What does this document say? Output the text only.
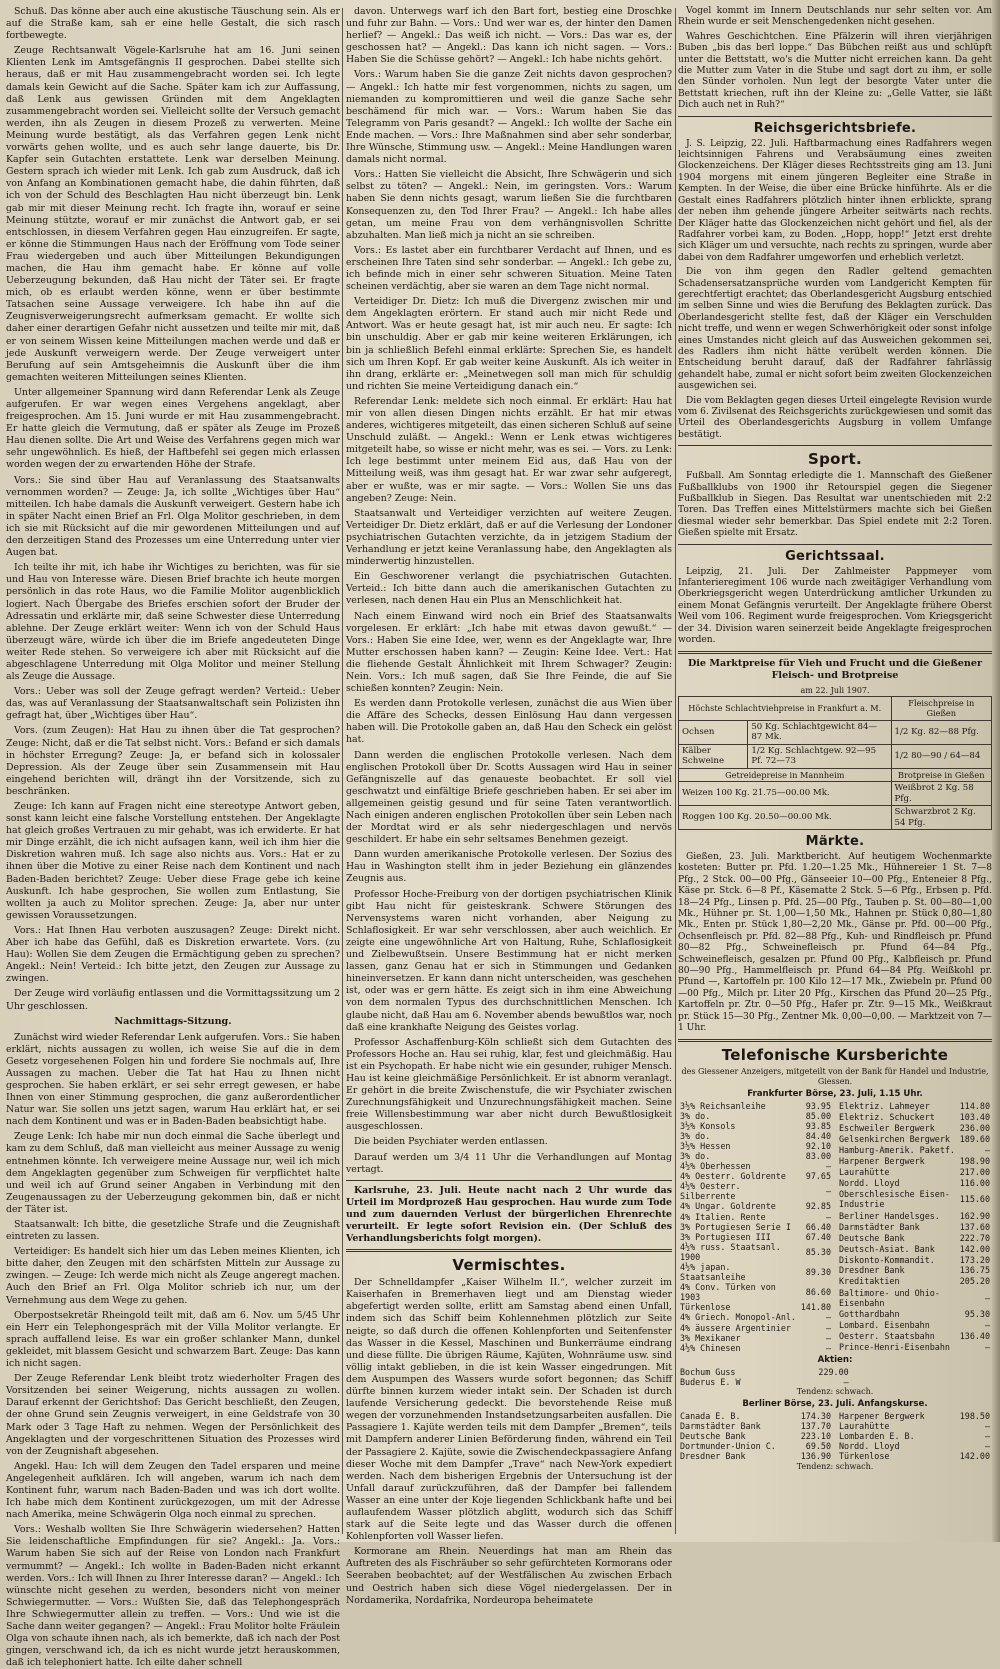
Schuß. Das könne aber auch eine akustische Täuschung sein. Als er auf die Straße kam, sah er eine helle Gestalt, die sich rasch fortbewegte.

Zeuge Rechtsanwalt Vögele-Karlsruhe hat am 16. Juni seinen Klienten Lenk im Amtsgefängnis II gesprochen. Dabei stellte sich heraus, daß er mit Hau zusammengebracht worden sei. Ich legte damals kein Gewicht auf die Sache. Später kam ich zur Auffassung, daß Lenk aus gewissen Gründen mit dem Angeklagten zusammengebracht worden sei. Vielleicht sollte der Versuch gemacht werden, ihn als Zeugen in diesem Prozeß zu verwerten. Meine Meinung wurde bestätigt, als das Verfahren gegen Lenk nicht vorwärts gehen wollte, und es auch sehr lange dauerte, bis Dr. Kapfer sein Gutachten erstattete. Lenk war derselben Meinung. Gestern sprach ich wieder mit Lenk. Ich gab zum Ausdruck, daß ich von Anfang an Kombinationen gemacht habe, die dahin führten, daß ich von der Schuld des Beschlagten Hau nicht überzeugt bin. Lenk gab mir mit dieser Meinung recht. Ich fragte ihn, worauf er seine Meinung stützte, worauf er mir zunächst die Antwort gab, er sei entschlossen, in diesem Verfahren gegen Hau einzugreifen. Er sagte, er könne die Stimmungen Haus nach der Eröffnung vom Tode seiner Frau wiedergeben und auch über Mitteilungen Bekundigungen machen, die Hau ihm gemacht habe. Er könne auf volle Ueberzeugung bekunden, daß Hau nicht der Täter sei. Er fragte mich, ob es erlaubt werden könne, wenn er über bestimmte Tatsachen seine Aussage verweigere. Ich habe ihn auf die Zeugnisverweigerungsrecht aufmerksam gemacht. Er wollte sich daher einer derartigen Gefahr nicht aussetzen und teilte mir mit, daß er von seinem Wissen keine Mitteilungen machen werde und daß er jede Auskunft verweigern werde. Der Zeuge verweigert unter Berufung auf sein Amtsgeheimnis die Auskunft über die ihm gemachten weiteren Mitteilungen seines Klienten.

Unter allgemeiner Spannung wird dann Referendar Lenk als Zeuge aufgerufen. Er war wegen eines Vergehens angeklagt, aber freigesprochen. Am 15. Juni wurde er mit Hau zusammengebracht. Er hatte gleich die Vermutung, daß er später als Zeuge im Prozeß Hau dienen sollte. Die Art und Weise des Verfahrens gegen mich war sehr ungewöhnlich. Es hieß, der Haftbefehl sei gegen mich erlassen worden wegen der zu erwartenden Höhe der Strafe.

Vors.: Sie sind über Hau auf Veranlassung des Staatsanwalts vernommen worden? — Zeuge: Ja, ich sollte „Wichtiges über Hau“ mitteilen. Ich habe damals die Auskunft verweigert. Gestern habe ich in später Nacht einen Brief an Frl. Olga Molitor geschrieben, in dem ich sie mit Rücksicht auf die mir gewordenen Mitteilungen und auf den derzeitigen Stand des Prozesses um eine Unterredung unter vier Augen bat.

Ich teilte ihr mit, ich habe ihr Wichtiges zu berichten, was für sie und Hau von Interesse wäre. Diesen Brief brachte ich heute morgen persönlich in das rote Haus, wo die Familie Molitor augenblicklich logiert. Nach Übergabe des Briefes erschien sofort der Bruder der Adressatin und erklärte mir, daß seine Schwester diese Unterredung ablehne. Der Zeuge erklärt weiter: Wenn ich von der Schuld Haus überzeugt wäre, würde ich über die im Briefe angedeuteten Dinge weiter Rede stehen. So verweigere ich aber mit Rücksicht auf die abgeschlagene Unterredung mit Olga Molitor und meiner Stellung als Zeuge die Aussage.

Vors.: Ueber was soll der Zeuge gefragt werden? Verteid.: Ueber das, was auf Veranlassung der Staatsanwaltschaft sein Polizisten ihn gefragt hat, über „Wichtiges über Hau“.

Vors. (zum Zeugen): Hat Hau zu ihnen über die Tat gesprochen? Zeuge: Nicht, daß er die Tat selbst nicht. Vors.: Befand er sich damals in höchster Erregung? Zeuge: Ja, er befand sich in kolossaler Depression. Als der Zeuge über sein Zusammensein mit Hau eingehend berichten will, drängt ihn der Vorsitzende, sich zu beschränken.

Zeuge: Ich kann auf Fragen nicht eine stereotype Antwort geben, sonst kann leicht eine falsche Vorstellung entstehen. Der Angeklagte hat gleich großes Vertrauen zu mir gehabt, was ich erwiderte. Er hat mir Dinge erzählt, die ich nicht aufsagen kann, weil ich ihm hier die Diskretion wahren muß. Ich sage also nichts aus. Vors.: Hat er zu ihnen über die Motive zu einer Reise nach dem Kontinent und nach Baden-Baden berichtet? Zeuge: Ueber diese Frage gebe ich keine Auskunft. Ich habe gesprochen, Sie wollen zum Entlastung, Sie wollten ja auch zu Molitor sprechen. Zeuge: Ja, aber nur unter gewissen Voraussetzungen.

Vors.: Hat Ihnen Hau verboten auszusagen? Zeuge: Direkt nicht. Aber ich habe das Gefühl, daß es Diskretion erwartete. Vors. (zu Hau): Wollen Sie dem Zeugen die Ermächtigung geben zu sprechen? Angekl.: Nein! Verteid.: Ich bitte jetzt, den Zeugen zur Aussage zu zwingen.

Der Zeuge wird vorläufig entlassen und die Vormittagssitzung um 2 Uhr geschlossen.

Nachmittags-Sitzung.

Zunächst wird wieder Referendar Lenk aufgerufen. Vors.: Sie haben erklärt, nichts aussagen zu wollen, ich weise Sie auf die in dem Gesetz vorgesehenen Folgen hin und fordere Sie nochmals auf, Ihre Aussagen zu machen. Ueber die Tat hat Hau zu Ihnen nicht gesprochen. Sie haben erklärt, er sei sehr erregt gewesen, er habe Ihnen von einer Stimmung gesprochen, die ganz außerordentlicher Natur war. Sie sollen uns jetzt sagen, warum Hau erklärt hat, er sei nach dem Kontinent und was er in Baden-Baden beabsichtigt habe.

Zeuge Lenk: Ich habe mir nun doch einmal die Sache überlegt und kam zu dem Schluß, daß man vielleicht aus meiner Aussage zu wenig entnehmen könnte. Ich verweigere meine Aussage nur, weil ich mich dem Angeklagten gegenüber zum Schweigen für verpflichtet halte und weil ich auf Grund seiner Angaben in Verbindung mit den Zeugenaussagen zu der Ueberzeugung gekommen bin, daß er nicht der Täter ist.

Staatsanwalt: Ich bitte, die gesetzliche Strafe und die Zeugnishaft eintreten zu lassen.

Verteidiger: Es handelt sich hier um das Leben meines Klienten, ich bitte daher, den Zeugen mit den schärfsten Mitteln zur Aussage zu zwingen. — Zeuge: Ich werde mich nicht als Zeuge angeregt machen. Auch den Brief an Frl. Olga Molitor schrieb ich nur, um der Vernehmung aus dem Wege zu gehen.

Oberpostsekretär Rheingold teilt mit, daß am 6. Nov. um 5/45 Uhr ein Herr ein Telephongespräch mit der Villa Molitor verlangte. Er sprach auffallend leise. Es war ein großer schlanker Mann, dunkel gekleidet, mit blassem Gesicht und schwarzem Bart. Zeuge: Das kann ich nicht sagen.

Der Zeuge Referendar Lenk bleibt trotz wiederholter Fragen des Vorsitzenden bei seiner Weigerung, nichts aussagen zu wollen. Darauf erkennt der Gerichtshof: Das Gericht beschließt, den Zeugen, der ohne Grund sein Zeugnis verweigert, in eine Geldstrafe von 30 Mark oder 3 Tage Haft zu nehmen. Wegen der Persönlichkeit des Angeklagten und der vorgeschrittenen Situation des Prozesses wird von der Zeugnishaft abgesehen.

Angekl. Hau: Ich will dem Zeugen den Tadel ersparen und meine Angelegenheit aufklären. Ich will angeben, warum ich nach dem Kontinent fuhr, warum nach Baden-Baden und was ich dort wollte. Ich habe mich dem Kontinent zurückgezogen, um mit der Adresse nach Amerika, meine Schwägerin Olga noch einmal zu sprechen.

Vors.: Weshalb wollten Sie Ihre Schwägerin wiedersehen? Hatten Sie leidenschaftliche Empfindungen für sie? Angekl.: Ja. Vors.: Warum haben Sie sich auf der Reise von London nach Frankfurt vermummt? — Angekl.: Ich wollte in Baden-Baden nicht erkannt werden. Vors.: Ich will Ihnen zu Ihrer Interesse daran? — Angekl.: Ich wünschte nicht gesehen zu werden, besonders nicht von meiner Schwiegermutter. — Vors.: Wußten Sie, daß das Telephongespräch Ihre Schwiegermutter allein zu treffen. — Vors.: Und wie ist die Sache dann weiter gegangen? — Angekl.: Frau Molitor holte Fräulein Olga von schaute ihnen nach, als ich bemerkte, daß ich nach der Post gingen, verschwand ich, da ich es nicht wurde jetzt herauskommen, daß ich telephoniert hatte. Ich eilte daher schnell

davon. Unterwegs warf ich den Bart fort, bestieg eine Droschke und fuhr zur Bahn. — Vors.: Und wer war es, der hinter den Damen herlief? — Angekl.: Das weiß ich nicht. — Vors.: Das war es, der geschossen hat? — Angekl.: Das kann ich nicht sagen. — Vors.: Haben Sie die Schüsse gehört? — Angekl.: Ich habe nichts gehört.

Vors.: Warum haben Sie die ganze Zeit nichts davon gesprochen? — Angekl.: Ich hatte mir fest vorgenommen, nichts zu sagen, um niemanden zu kompromittieren und weil die ganze Sache sehr beschämend für mich war. — Vors.: Warum haben Sie das Telegramm von Paris gesandt? — Angekl.: Ich wollte der Sache ein Ende machen. — Vors.: Ihre Maßnahmen sind aber sehr sonderbar, Ihre Wünsche, Stimmung usw. — Angekl.: Meine Handlungen waren damals nicht normal.

Vors.: Hatten Sie vielleicht die Absicht, Ihre Schwägerin und sich selbst zu töten? — Angekl.: Nein, im geringsten. Vors.: Warum haben Sie denn nichts gesagt, warum ließen Sie die furchtbaren Konsequenzen zu, den Tod Ihrer Frau? — Angekl.: Ich habe alles getan, um meine Frau von dem verhängnisvollen Schritte abzuhalten. Man ließ mich ja nicht an sie schreiben.

Vors.: Es lastet aber ein furchtbarer Verdacht auf Ihnen, und es erscheinen Ihre Taten sind sehr sonderbar. — Angekl.: Ich gebe zu, ich befinde mich in einer sehr schweren Situation. Meine Taten scheinen verdächtig, aber sie waren an dem Tage nicht normal.

Verteidiger Dr. Dietz: Ich muß die Divergenz zwischen mir und dem Angeklagten erörtern. Er stand auch mir nicht Rede und Antwort. Was er heute gesagt hat, ist mir auch neu. Er sagte: Ich bin unschuldig. Aber er gab mir keine weiteren Erklärungen, ich bin ja schließlich Befehl einmal erklärte: Sprechen Sie, es handelt sich um Ihren Kopf. Er gab weiter keine Auskunft. Als ich weiter in ihn drang, erklärte er: „Meinetwegen soll man mich für schuldig und richten Sie meine Verteidigung danach ein.“

Referendar Lenk: meldete sich noch einmal. Er erklärt: Hau hat mir von allen diesen Dingen nichts erzählt. Er hat mir etwas anderes, wichtigeres mitgeteilt, das einen sicheren Schluß auf seine Unschuld zuläßt. — Angekl.: Wenn er Lenk etwas wichtigeres mitgeteilt habe, so wisse er nicht mehr, was es sei. — Vors. zu Lenk: Ich lege bestimmt unter meinem Eid aus, daß Hau von der Mitteilung weiß, was ihm gesagt hat. Er war zwar sehr aufgeregt, aber er wußte, was er mir sagte. — Vors.: Wollen Sie uns das angeben? Zeuge: Nein.

Staatsanwalt und Verteidiger verzichten auf weitere Zeugen. Verteidiger Dr. Dietz erklärt, daß er auf die Verlesung der Londoner psychiatrischen Gutachten verzichte, da in jetzigem Stadium der Verhandlung er jetzt keine Veranlassung habe, den Angeklagten als minderwertig hinzustellen.

Ein Geschworener verlangt die psychiatrischen Gutachten. Verteid.: Ich bitte dann auch die amerikanischen Gutachten zu verlesen, nach denen Hau ein Plus an Menschlichkeit hat.

Nach einem Einwand wird noch ein Brief des Staatsanwalts vorgelesen. Er erklärt: „Ich habe mit etwas davon gewußt.“ — Vors.: Haben Sie eine Idee, wer, wenn es der Angeklagte war, Ihre Mutter erschossen haben kann? — Zeugin: Keine Idee. Vert.: Hat die fliehende Gestalt Ähnlichkeit mit Ihrem Schwager? Zeugin: Nein. Vors.: Ich muß sagen, daß Sie Ihre Feinde, die auf Sie schießen konnten? Zeugin: Nein.

Es werden dann Protokolle verlesen, zunächst die aus Wien über die Affäre des Schecks, dessen Einlösung Hau dann vergessen haben will. Die Protokolle gaben an, daß Hau den Scheck ein gelöst hat.

Dann werden die englischen Protokolle verlesen. Nach dem englischen Protokoll über Dr. Scotts Aussagen wird Hau in seiner Gefängniszelle auf das genaueste beobachtet. Er soll viel geschwatzt und einfältige Briefe geschrieben haben. Er sei aber im allgemeinen geistig gesund und für seine Taten verantwortlich. Nach einigen anderen englischen Protokollen über sein Leben nach der Mordtat wird er als sehr niedergeschlagen und nervös geschildert. Er habe ein sehr seltsames Benehmen gezeigt.

Dann wurden amerikanische Protokolle verlesen. Der Sozius des Hau in Washington stellt ihm in jeder Beziehung ein glänzendes Zeugnis aus.

Professor Hoche-Freiburg von der dortigen psychiatrischen Klinik gibt Hau nicht für geisteskrank. Schwere Störungen des Nervensystems waren nicht vorhanden, aber Neigung zu Schlaflosigkeit. Er war sehr verschlossen, aber auch weichlich. Er zeigte eine ungewöhnliche Art von Haltung, Ruhe, Schlaflosigkeit und Zielbewußtsein. Unsere Bestimmung hat er nicht merken lassen, ganz Genau hat er sich in Stimmungen und Gedanken hineinversetzen. Er kann dann nicht unterscheiden, was geschehen ist, oder was er gern hätte. Es zeigt sich in ihm eine Abweichung von dem normalen Typus des durchschnittlichen Menschen. Ich glaube nicht, daß Hau am 6. November abends bewußtlos war, noch daß eine krankhafte Neigung des Geistes vorlag.

Professor Aschaffenburg-Köln schließt sich dem Gutachten des Professors Hoche an. Hau sei ruhig, klar, fest und gleichmäßig. Hau ist ein Psychopath. Er habe nicht wie ein gesunder, ruhiger Mensch. Hau ist keine gleichmäßige Persönlichkeit. Er ist abnorm veranlagt. Er gehört in die breite Zwischenstufe, die wir Psychiater zwischen Zurechnungsfähigkeit und Unzurechnungsfähigkeit machen. Seine freie Willensbestimmung war aber nicht durch Bewußtlosigkeit ausgeschlossen.

Die beiden Psychiater werden entlassen.

Darauf werden um 3/4 11 Uhr die Verhandlungen auf Montag vertagt.

Karlsruhe, 23. Juli. Heute nacht nach 2 Uhr wurde das Urteil im Mordprozeß Hau gesprochen. Hau wurde zum Tode und zum dauernden Verlust der bürgerlichen Ehrenrechte verurteilt. Er legte sofort Revision ein. (Der Schluß des Verhandlungsberichts folgt morgen).

Vermischtes.

Der Schnelldampfer „Kaiser Wilhelm II.“, welcher zurzeit im Kaiserhafen in Bremerhaven liegt und am Dienstag wieder abgefertigt werden sollte, erlitt am Samstag abend einen Unfall, indem sich das Schiff beim Kohlennehmen plötzlich zur Seite neigte, so daß durch die offenen Kohlenpforten und Seitenfenster das Wasser in die Kessel, Maschinen und Bunkerräume eindrang und diese füllte. Die übrigen Räume, Kajüten, Wohnräume usw. sind völlig intakt geblieben, in die ist kein Wasser eingedrungen. Mit dem Auspumpen des Wassers wurde sofort begonnen; das Schiff dürfte binnen kurzem wieder intakt sein. Der Schaden ist durch laufende Versicherung gedeckt. Die bevorstehende Reise muß wegen der vorzunehmenden Instandsetzungsarbeiten ausfallen. Die Passagiere 1. Kajüte werden teils mit dem Dampfer „Bremen“, teils mit Dampfern anderer Linien Beförderung finden, während ein Teil der Passagiere 2. Kajüte, sowie die Zwischendeckpassagiere Anfang dieser Woche mit dem Dampfer „Trave“ nach New-York expediert werden. Nach dem bisherigen Ergebnis der Untersuchung ist der Unfall darauf zurückzuführen, daß der Dampfer bei fallendem Wasser an eine unter der Koje liegenden Schlickbank hafte und bei auflaufendem Wasser plötzlich abglitt, wodurch sich das Schiff stark auf die Seite legte und das Wasser durch die offenen Kohlenpforten voll Wasser liefen.

Kormorane am Rhein. Neuerdings hat man am Rhein das Auftreten des als Fischräuber so sehr gefürchteten Kormorans oder Seeraben beobachtet; auf der Westfälischen Au zwischen Erbach und Oestrich haben sich diese Vögel niedergelassen. Der in Nordamerika, Nordafrika, Nordeuropa beheimatete

Vogel kommt im Innern Deutschlands nur sehr selten vor. Am Rhein wurde er seit Menschengedenken nicht gesehen.

Wahres Geschichtchen. Eine Pfälzerin will ihren vierjährigen Buben „bis das berl loppe.“ Das Bübchen reißt aus und schlüpft unter die Bettstatt, wo's die Mutter nicht erreichen kann. Da geht die Mutter zum Vater in die Stube und sagt dort zu ihm, er solle den Sünder vorholen. Nun legt der besorgte Vater unter die Bettstatt kriechen, ruft ihn der Kleine zu: „Gelle Vatter, sie läßt Dich auch net in Ruh?“

Reichsgerichtsbriefe.

J. S. Leipzig, 22. Juli. Haftbarmachung eines Radfahrers wegen leichtsinnigen Fahrens und Verabsäumung eines zweiten Glockenzeichens. Der Kläger dieses Rechtsstreits ging am 13. Juni 1904 morgens mit einem jüngeren Begleiter eine Straße in Kempten. In der Weise, die über eine Brücke hinführte. Als er die Gestalt eines Radfahrers plötzlich hinter ihnen erblickte, sprang der neben ihm gehende jüngere Arbeiter seitwärts nach rechts. Der Kläger hatte das Glockenzeichen nicht gehört und fiel, als der Radfahrer vorbei kam, zu Boden. „Hopp, hopp!“ Jetzt erst drehte sich Kläger um und versuchte, nach rechts zu springen, wurde aber dabei von dem Radfahrer umgeworfen und erheblich verletzt.

Die von ihm gegen den Radler geltend gemachten Schadensersatzansprüche wurden vom Landgericht Kempten für gerechtfertigt erachtet; das Oberlandesgericht Augsburg entschied im selben Sinne und wies die Berufung des Beklagten zurück. Das Oberlandesgericht stellte fest, daß der Kläger ein Verschulden nicht treffe, und wenn er wegen Schwerhörigkeit oder sonst infolge eines Umstandes nicht gleich auf das Ausweichen gekommen sei, des Radlers ihm nicht hätte verübelt werden können. Die Entscheidung beruht darauf, daß der Radfahrer fahrlässig gehandelt habe, zumal er nicht sofort beim zweiten Glockenzeichen ausgewichen sei.

Die vom Beklagten gegen dieses Urteil eingelegte Revision wurde vom 6. Zivilsenat des Reichsgerichts zurückgewiesen und somit das Urteil des Oberlandesgerichts Augsburg in vollem Umfange bestätigt.

Sport.

Fußball. Am Sonntag erledigte die 1. Mannschaft des Gießener Fußballklubs von 1900 ihr Retourspiel gegen die Siegener Fußballklub in Siegen. Das Resultat war unentschieden mit 2:2 Toren. Das Treffen eines Mittelstürmers machte sich bei Gießen diesmal wieder sehr bemerkbar. Das Spiel endete mit 2:2 Toren. Gießen spielte mit Ersatz.

Gerichtssaal.

Leipzig, 21. Juli. Der Zahlmeister Pappmeyer vom Infanterieregiment 106 wurde nach zweitägiger Verhandlung vom Oberkriegsgericht wegen Unterdrückung amtlicher Urkunden zu einem Monat Gefängnis verurteilt. Der Angeklagte frühere Oberst Weil vom 106. Regiment wurde freigesprochen. Vom Kriegsgericht der 34. Division waren seinerzeit beide Angeklagte freigesprochen worden.

Die Marktpreise für Vieh und Frucht und die Gießener Fleisch- und Brotpreise
am 22. Juli 1907.
Höchste Schlachtviehpreise in Frankfurt a. M.		Fleischpreise in Gießen
Ochsen	50 Kg. Schlachtgewicht 84—87 Mk.	1/2 Kg. 82—88 Pfg.
Kälber Schweine	1/2 Kg. Schlachtgew. 92—95 Pf. 72—73	1/2 80—90 / 64—84
Getreidepreise in Mannheim		Brotpreise in Gießen
Weizen 100 Kg. 21.75—00.00 Mk.		Weißbrot 2 Kg. 58 Pfg.
Roggen 100 Kg. 20.50—00.00 Mk.		Schwarzbrot 2 Kg. 54 Pfg.
Märkte.

Gießen, 23. Juli. Marktbericht. Auf heutigem Wochenmarkte kosteten: Butter pr. Pfd. 1.20—1.25 Mk., Hühnereier 1 St. 7—8 Pfg., 2 Stck. 00—00 Pfg., Gänseeier 10—00 Pfg., Enteneier 8 Pfg., Käse pr. Stck. 6—8 Pf., Käsematte 2 Stck. 5—6 Pfg., Erbsen p. Pfd. 18—24 Pfg., Linsen p. Pfd. 25—00 Pfg., Tauben p. St. 00—80—1,00 Mk., Hühner pr. St. 1,00—1,50 Mk., Hahnen pr. Stück 0,80—1,80 Mk., Enten pr. Stück 1,80—2,20 Mk., Gänse pr. Pfd. 00—00 Pfg., Ochsenfleisch pr. Pfd. 82—88 Pfg., Kuh- und Rindfleisch pr. Pfund 80—82 Pfg., Schweinefleisch pr. Pfund 64—84 Pfg., Schweinefleisch, gesalzen pr. Pfund 00 Pfg., Kalbfleisch pr. Pfund 80—90 Pfg., Hammelfleisch pr. Pfund 64—84 Pfg. Weißkohl pr. Pfund —, Kartoffeln pr. 100 Kilo 12—17 Mk., Zwiebeln pr. Pfund 00—00 Pfg., Milch pr. Liter 20 Pfg., Kirschen das Pfund 20—25 Pfg., Kartoffeln pr. Ztr. 0—50 Pfg., Hafer pr. Ztr. 9—15 Mk., Weißkraut pr. Stück 15—30 Pfg., Zentner Mk. 0,00—0,00. — Marktzeit von 7—1 Uhr.

Telefonische Kursberichte
des Giessener Anzeigers, mitgeteilt von der Bank für Handel und Industrie, Giessen.
Frankfurter Börse, 23. Juli, 1.15 Uhr.
3½% Reichsanleihe	93.95
3% do.	85.00
3½% Konsols	93.85
3% do.	84.40
3½% Hessen	92.10
3% do.	83.00
4½% Oberhessen	—
4% Oesterr. Goldrente	97.65
4½% Oesterr. Silberrente	—
4% Ungar. Goldrente	92.85
4% Italien. Rente	—
3% Portugiesen Serie I	66.40
3% Portugiesen III	67.40
4½% russ. Staatsanl. 1900	85.30
4½% japan. Staatsanleihe	89.30
4% Conv. Türken von 1903	86.60
Türkenlose	141.80
4% Griech. Monopol-Anl.	—
4% äussere Argentinier	—
3% Mexikaner	—
4½% Chinesen	—
Elektriz. Lahmeyer	114.80
Elektriz. Schuckert	103.40
Eschweiler Bergwerk	236.00
Gelsenkirchen Bergwerk	189.60
Hamburg-Amerik. Paketf.	—
Harpener Bergwerk	198.90
Laurahütte	217.00
Nordd. Lloyd	116.00
Oberschlesische Eisen-Industrie	115.60
Berliner Handelsges.	162.90
Darmstädter Bank	137.60
Deutsche Bank	222.70
Deutsch-Asiat. Bank	142.00
Diskonto-Kommandit.	173.20
Dresdner Bank	136.75
Kreditaktien	205.20
Baltimore- und Ohio-Eisenbahn	—
Gotthardbahn	95.30
Lombard. Eisenbahn	—
Oesterr. Staatsbahn	136.40
Prince-Henri-Eisenbahn	—
Aktien:
Bochum Guss	229.00
Buderus E. W	—
Tendenz: schwach.
Berliner Börse, 23. Juli. Anfangskurse.
Canada E. B.	174.30
Darmstädter Bank	137.70
Deutsche Bank	223.10
Dortmunder-Union C.	69.50
Dresdner Bank	136.90
Harpener Bergwerk	198.50
Laurahütte	—
Lombarden E. B.	—
Nordd. Lloyd	—
Türkenlose	142.00
Tendenz: schwach.
